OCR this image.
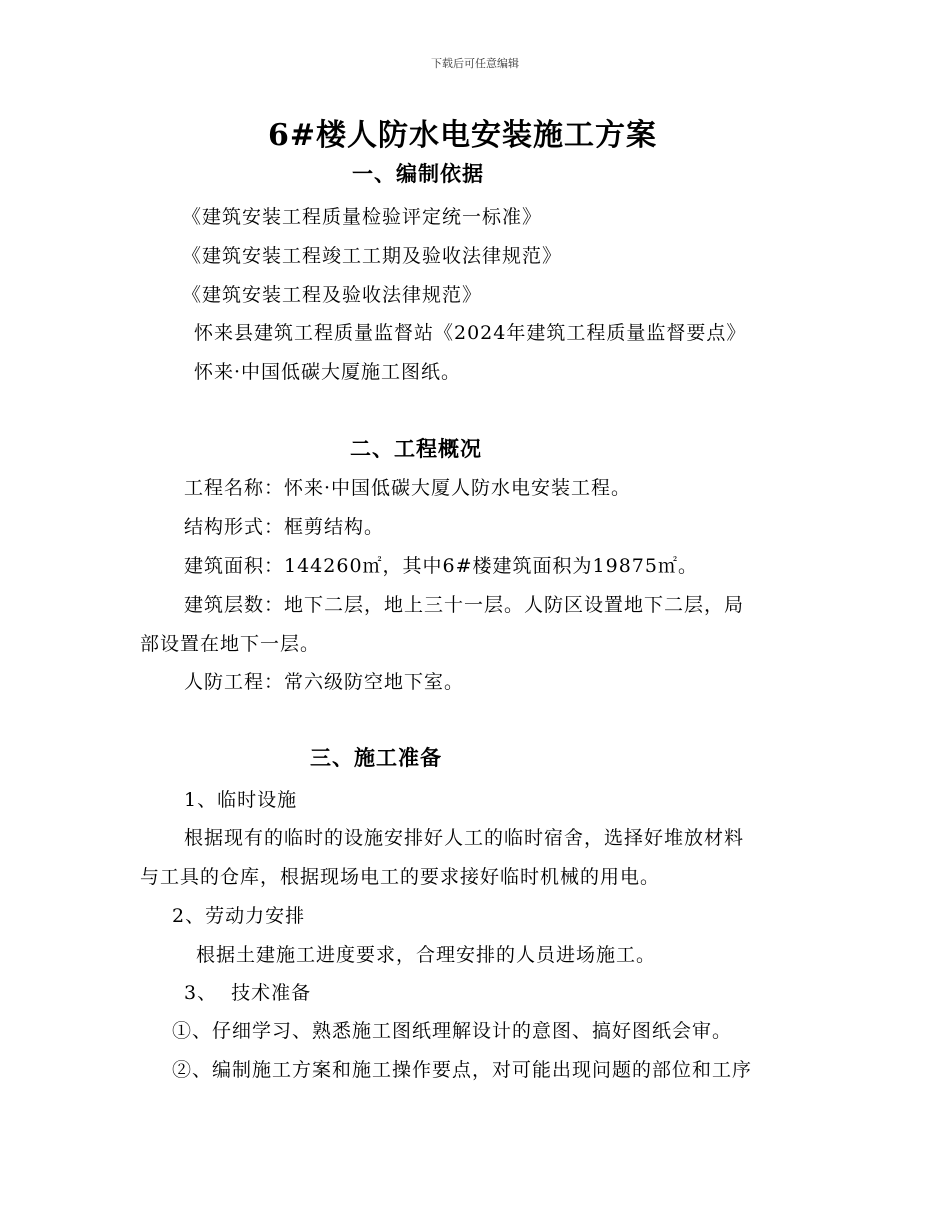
下载后可任意编辑
6#楼人防水电安装施工方案
一、编制依据
《建筑安装工程质量检验评定统一标准》
《建筑安装工程竣工工期及验收法律规范》
《建筑安装工程及验收法律规范》
怀来县建筑工程质量监督站《2024年建筑工程质量监督要点》
怀来·中国低碳大厦施工图纸。
二、工程概况
工程名称：怀来·中国低碳大厦人防水电安装工程。
结构形式：框剪结构。
建筑面积：144260㎡，其中6#楼建筑面积为19875㎡。
建筑层数：地下二层，地上三十一层。人防区设置地下二层，局
部设置在地下一层。
人防工程：常六级防空地下室。
三、施工准备
1、临时设施
根据现有的临时的设施安排好人工的临时宿舍，选择好堆放材料
与工具的仓库，根据现场电工的要求接好临时机械的用电。
2、劳动力安排
根据土建施工进度要求，合理安排的人员进场施工。
3、  技术准备
①、仔细学习、熟悉施工图纸理解设计的意图、搞好图纸会审。
②、编制施工方案和施工操作要点，对可能出现问题的部位和工序
